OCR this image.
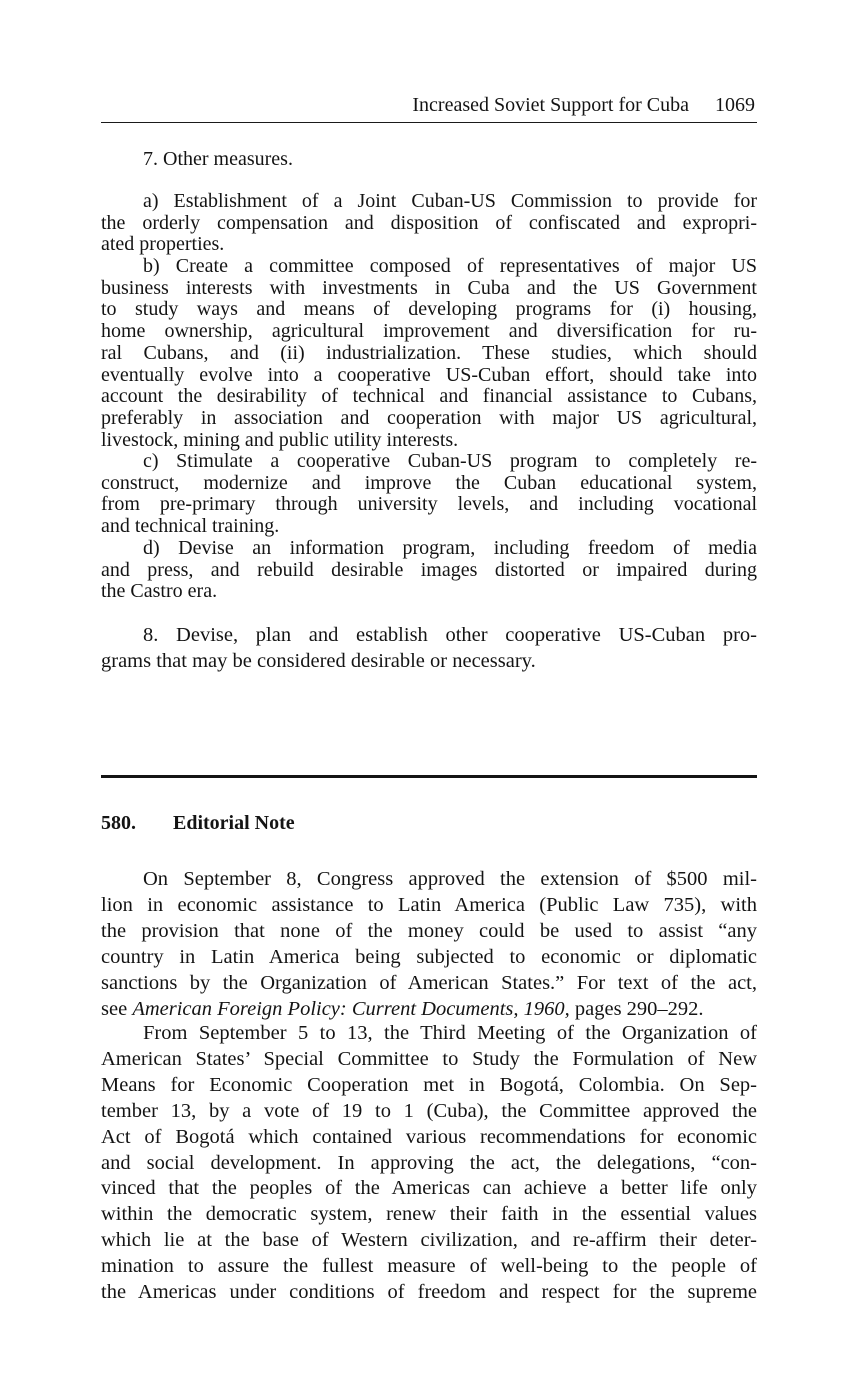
Increased Soviet Support for Cuba 1069
7. Other measures.
a) Establishment of a Joint Cuban-US Commission to provide for
the orderly compensation and disposition of confiscated and expropri-
ated properties.
b) Create a committee composed of representatives of major US
business interests with investments in Cuba and the US Government
to study ways and means of developing programs for (i) housing,
home ownership, agricultural improvement and diversification for ru-
ral Cubans, and (ii) industrialization. These studies, which should
eventually evolve into a cooperative US-Cuban effort, should take into
account the desirability of technical and financial assistance to Cubans,
preferably in association and cooperation with major US agricultural,
livestock, mining and public utility interests.
c) Stimulate a cooperative Cuban-US program to completely re-
construct, modernize and improve the Cuban educational system,
from pre-primary through university levels, and including vocational
and technical training.
d) Devise an information program, including freedom of media
and press, and rebuild desirable images distorted or impaired during
the Castro era.
8. Devise, plan and establish other cooperative US-Cuban pro-
grams that may be considered desirable or necessary.
580. Editorial Note
On September 8, Congress approved the extension of $500 mil-
lion in economic assistance to Latin America (Public Law 735), with
the provision that none of the money could be used to assist “any
country in Latin America being subjected to economic or diplomatic
sanctions by the Organization of American States.” For text of the act,
see American Foreign Policy: Current Documents, 1960, pages 290–292.
From September 5 to 13, the Third Meeting of the Organization of
American States’ Special Committee to Study the Formulation of New
Means for Economic Cooperation met in Bogotá, Colombia. On Sep-
tember 13, by a vote of 19 to 1 (Cuba), the Committee approved the
Act of Bogotá which contained various recommendations for economic
and social development. In approving the act, the delegations, “con-
vinced that the peoples of the Americas can achieve a better life only
within the democratic system, renew their faith in the essential values
which lie at the base of Western civilization, and re-affirm their deter-
mination to assure the fullest measure of well-being to the people of
the Americas under conditions of freedom and respect for the supreme
